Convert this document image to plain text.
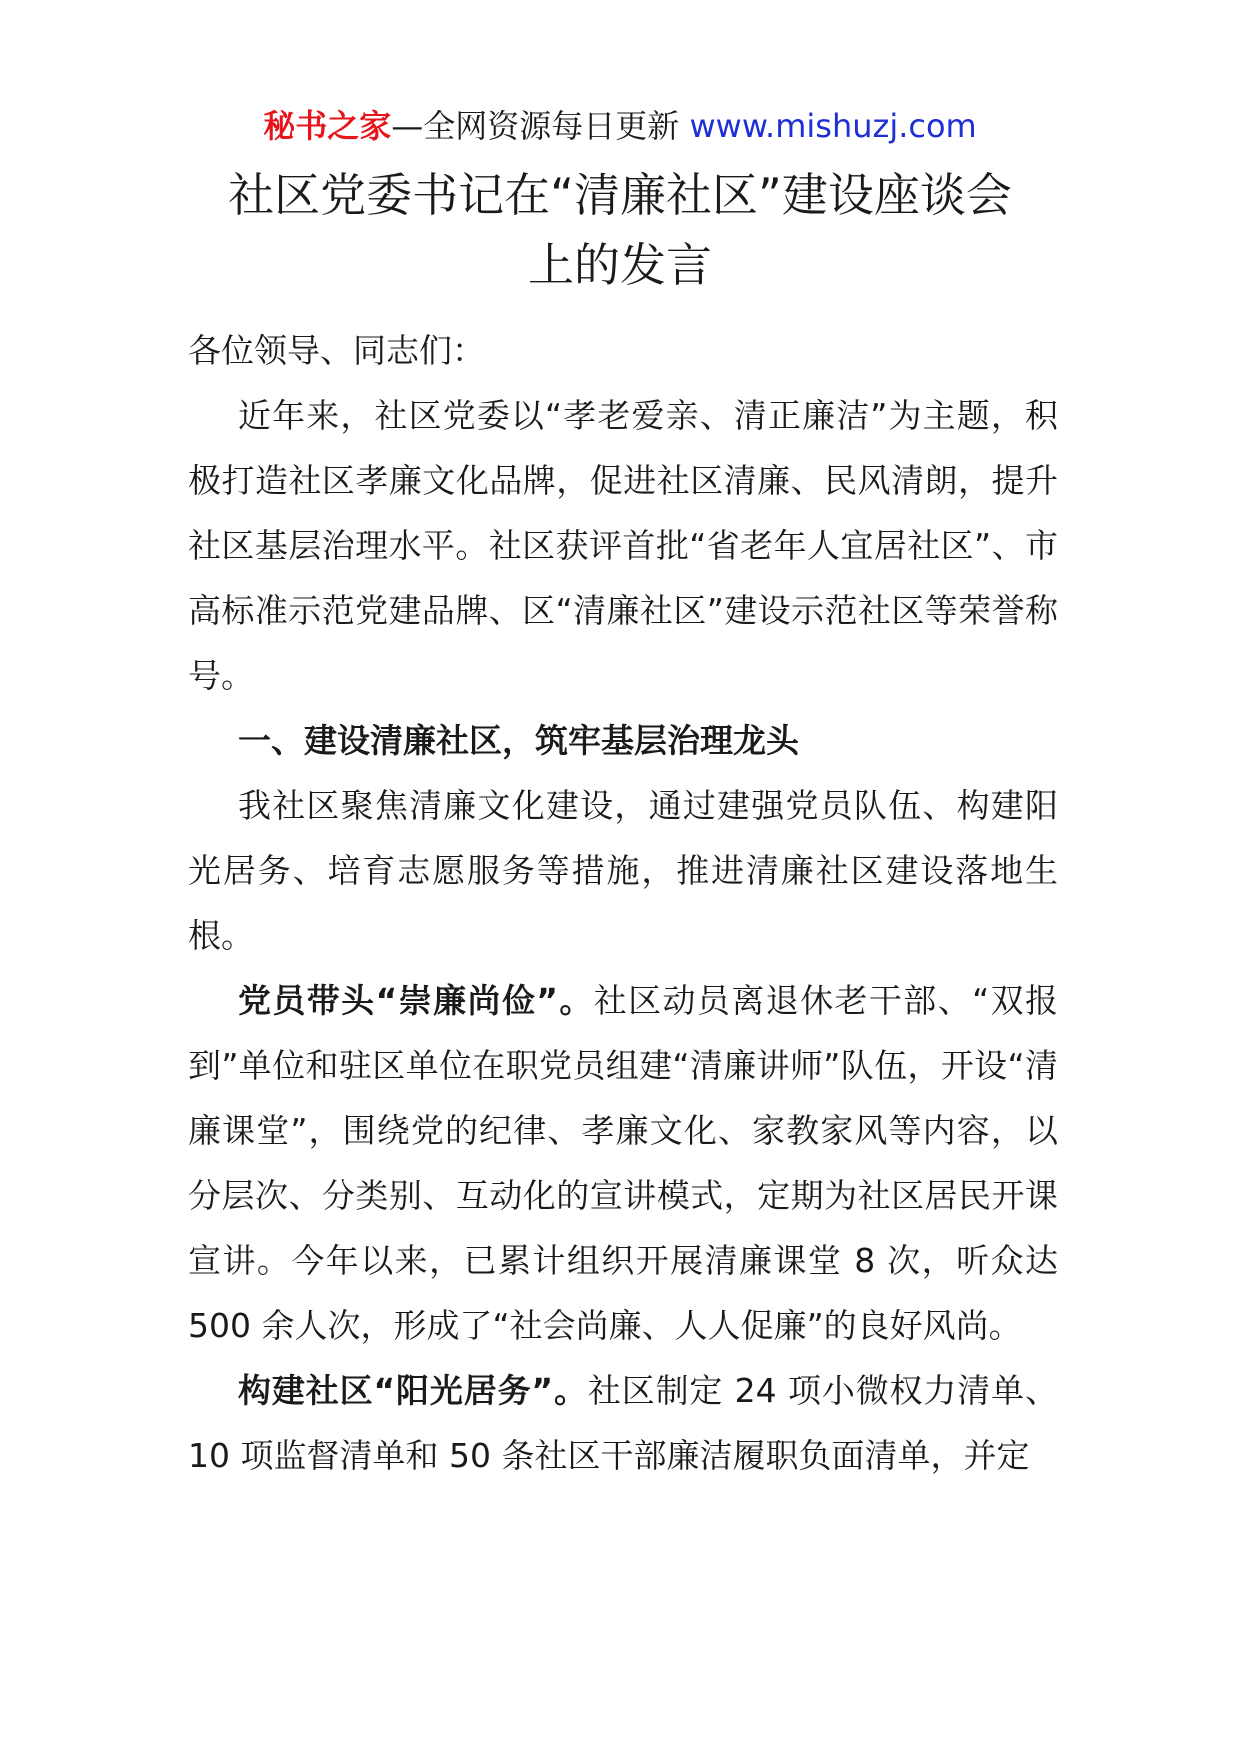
秘书之家—全网资源每日更新 www.mishuzj.com
社区党委书记在“清廉社区”建设座谈会
上的发言

各位领导、同志们：

近年来，社区党委以“孝老爱亲、清正廉洁”为主题，积极打造社区孝廉文化品牌，促进社区清廉、民风清朗，提升社区基层治理水平。社区获评首批“省老年人宜居社区”、市高标准示范党建品牌、区“清廉社区”建设示范社区等荣誉称号。

一、建设清廉社区，筑牢基层治理龙头

我社区聚焦清廉文化建设，通过建强党员队伍、构建阳光居务、培育志愿服务等措施，推进清廉社区建设落地生根。

党员带头“崇廉尚俭”。社区动员离退休老干部、“双报到”单位和驻区单位在职党员组建“清廉讲师”队伍，开设“清廉课堂”，围绕党的纪律、孝廉文化、家教家风等内容，以分层次、分类别、互动化的宣讲模式，定期为社区居民开课宣讲。今年以来，已累计组织开展清廉课堂 8 次，听众达 500 余人次，形成了“社会尚廉、人人促廉”的良好风尚。

构建社区“阳光居务”。社区制定 24 项小微权力清单、10 项监督清单和 50 条社区干部廉洁履职负面清单，并定
